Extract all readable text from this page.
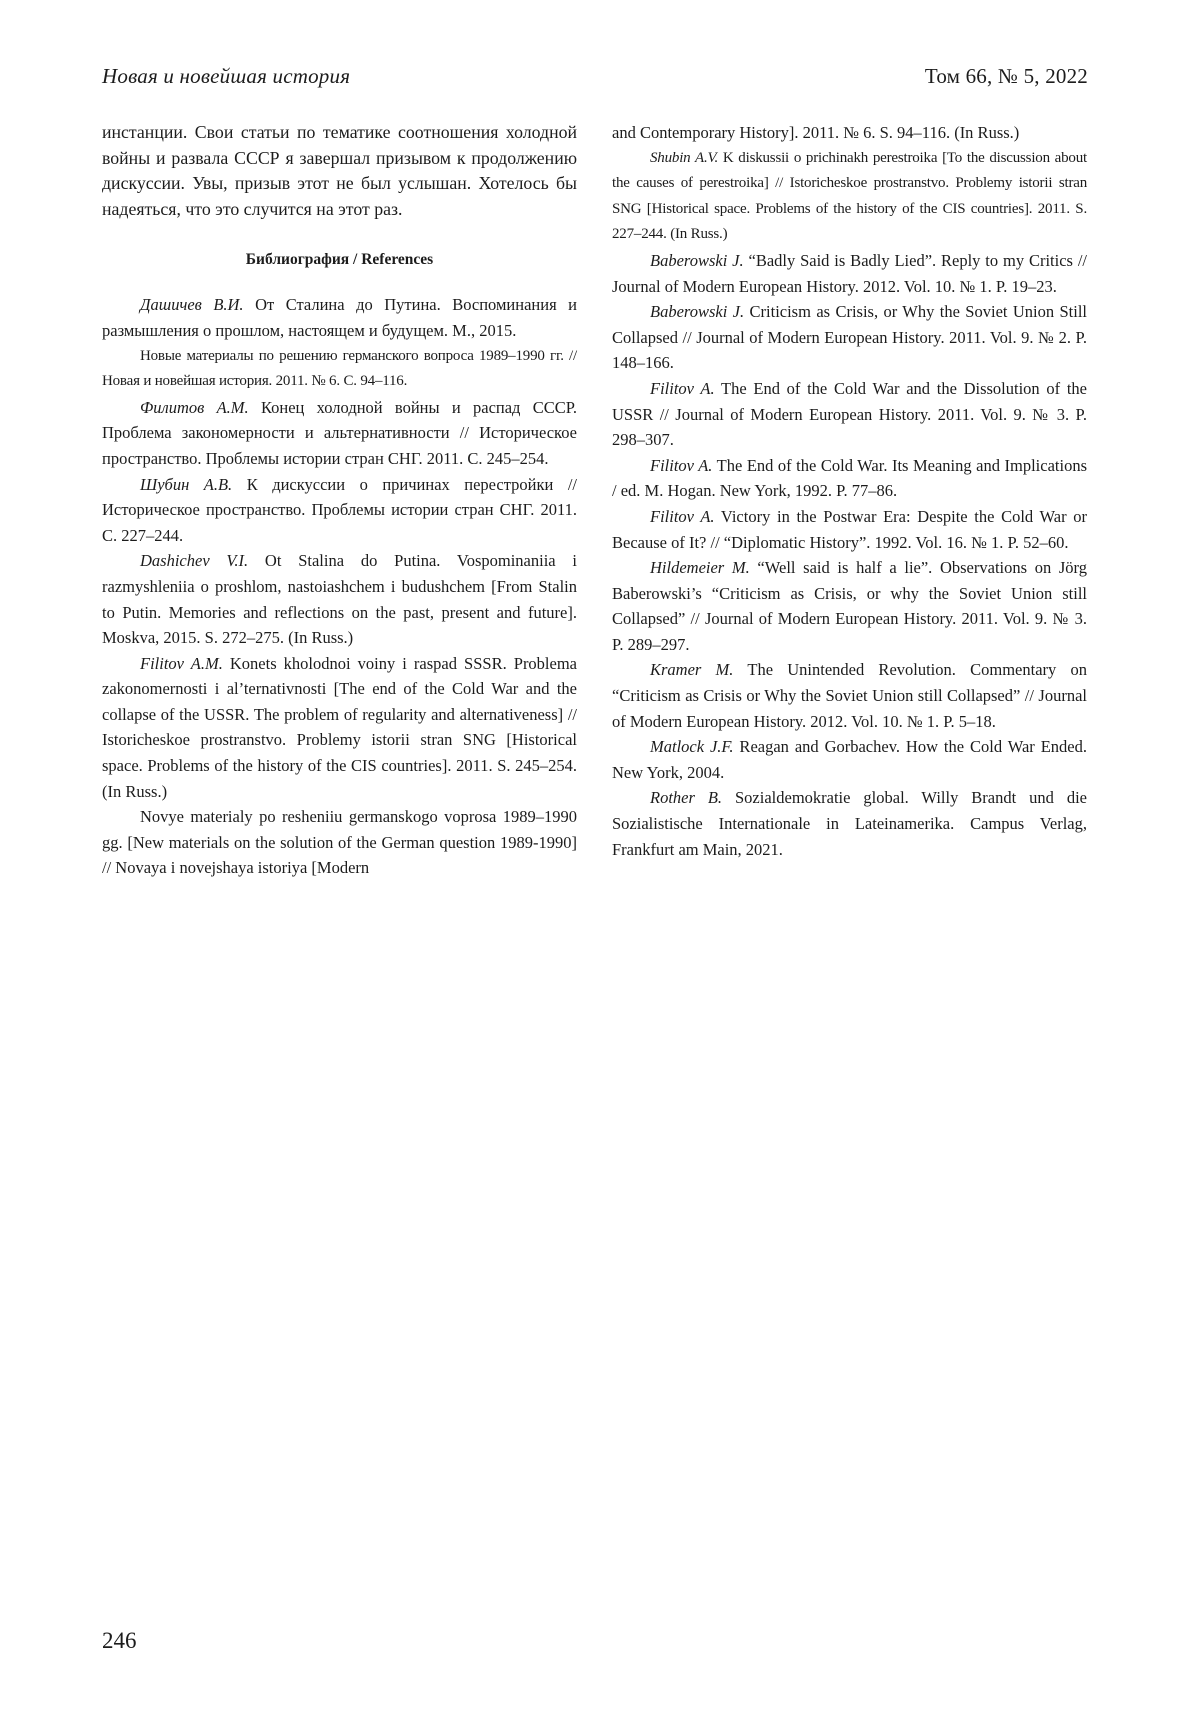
Новая и новейшая история	Том 66, № 5, 2022

инстанции. Свои статьи по тематике соотношения холодной войны и развала СССР я завершал призывом к продолжению дискуссии. Увы, призыв этот не был услышан. Хотелось бы надеяться, что это случится на этот раз.

Библиография / References

Дашичев В.И. От Сталина до Путина. Воспоминания и размышления о прошлом, настоящем и будущем. М., 2015.

Новые материалы по решению германского вопроса 1989–1990 гг. // Новая и новейшая история. 2011. № 6. С. 94–116.

Филитов А.М. Конец холодной войны и распад СССР. Проблема закономерности и альтернативности // Историческое пространство. Проблемы истории стран СНГ. 2011. С. 245–254.

Шубин А.В. К дискуссии о причинах перестройки // Историческое пространство. Проблемы истории стран СНГ. 2011. С. 227–244.

Dashichev V.I. Ot Stalina do Putina. Vospominaniia i razmyshleniia o proshlom, nastoiashchem i budushchem [From Stalin to Putin. Memories and reflections on the past, present and future]. Moskva, 2015. S. 272–275. (In Russ.)

Filitov A.M. Konets kholodnoi voiny i raspad SSSR. Problema zakonomernosti i al’ternativnosti [The end of the Cold War and the collapse of the USSR. The problem of regularity and alternativeness] // Istoricheskoe prostranstvo. Problemy istorii stran SNG [Historical space. Problems of the history of the CIS countries]. 2011. S. 245–254. (In Russ.)

Novye materialy po resheniiu germanskogo voprosa 1989–1990 gg. [New materials on the solution of the German question 1989-1990] // Novaya i novejshaya istoriya [Modern

and Contemporary History]. 2011. № 6. S. 94–116. (In Russ.)

Shubin A.V. K diskussii o prichinakh perestroika [To the discussion about the causes of perestroika] // Istoricheskoe prostranstvo. Problemy istorii stran SNG [Historical space. Problems of the history of the CIS countries]. 2011. S. 227–244. (In Russ.)

Baberowski J. “Badly Said is Badly Lied”. Reply to my Critics // Journal of Modern European History. 2012. Vol. 10. № 1. P. 19–23.

Baberowski J. Criticism as Crisis, or Why the Soviet Union Still Collapsed // Journal of Modern European History. 2011. Vol. 9. № 2. P. 148–166.

Filitov A. The End of the Cold War and the Dissolution of the USSR // Journal of Modern European History. 2011. Vol. 9. № 3. P. 298–307.

Filitov A. The End of the Cold War. Its Meaning and Implications / ed. M. Hogan. New York, 1992. P. 77–86.

Filitov A. Victory in the Postwar Era: Despite the Cold War or Because of It? // “Diplomatic History”. 1992. Vol. 16. № 1. P. 52–60.

Hildemeier M. “Well said is half a lie”. Observations on Jörg Baberowski’s “Criticism as Crisis, or why the Soviet Union still Collapsed” // Journal of Modern European History. 2011. Vol. 9. № 3. P. 289–297.

Kramer M. The Unintended Revolution. Commentary on “Criticism as Crisis or Why the Soviet Union still Collapsed” // Journal of Modern European History. 2012. Vol. 10. № 1. P. 5–18.

Matlock J.F. Reagan and Gorbachev. How the Cold War Ended. New York, 2004.

Rother B. Sozialdemokratie global. Willy Brandt und die Sozialistische Internationale in Lateinamerika. Campus Verlag, Frankfurt am Main, 2021.

246
